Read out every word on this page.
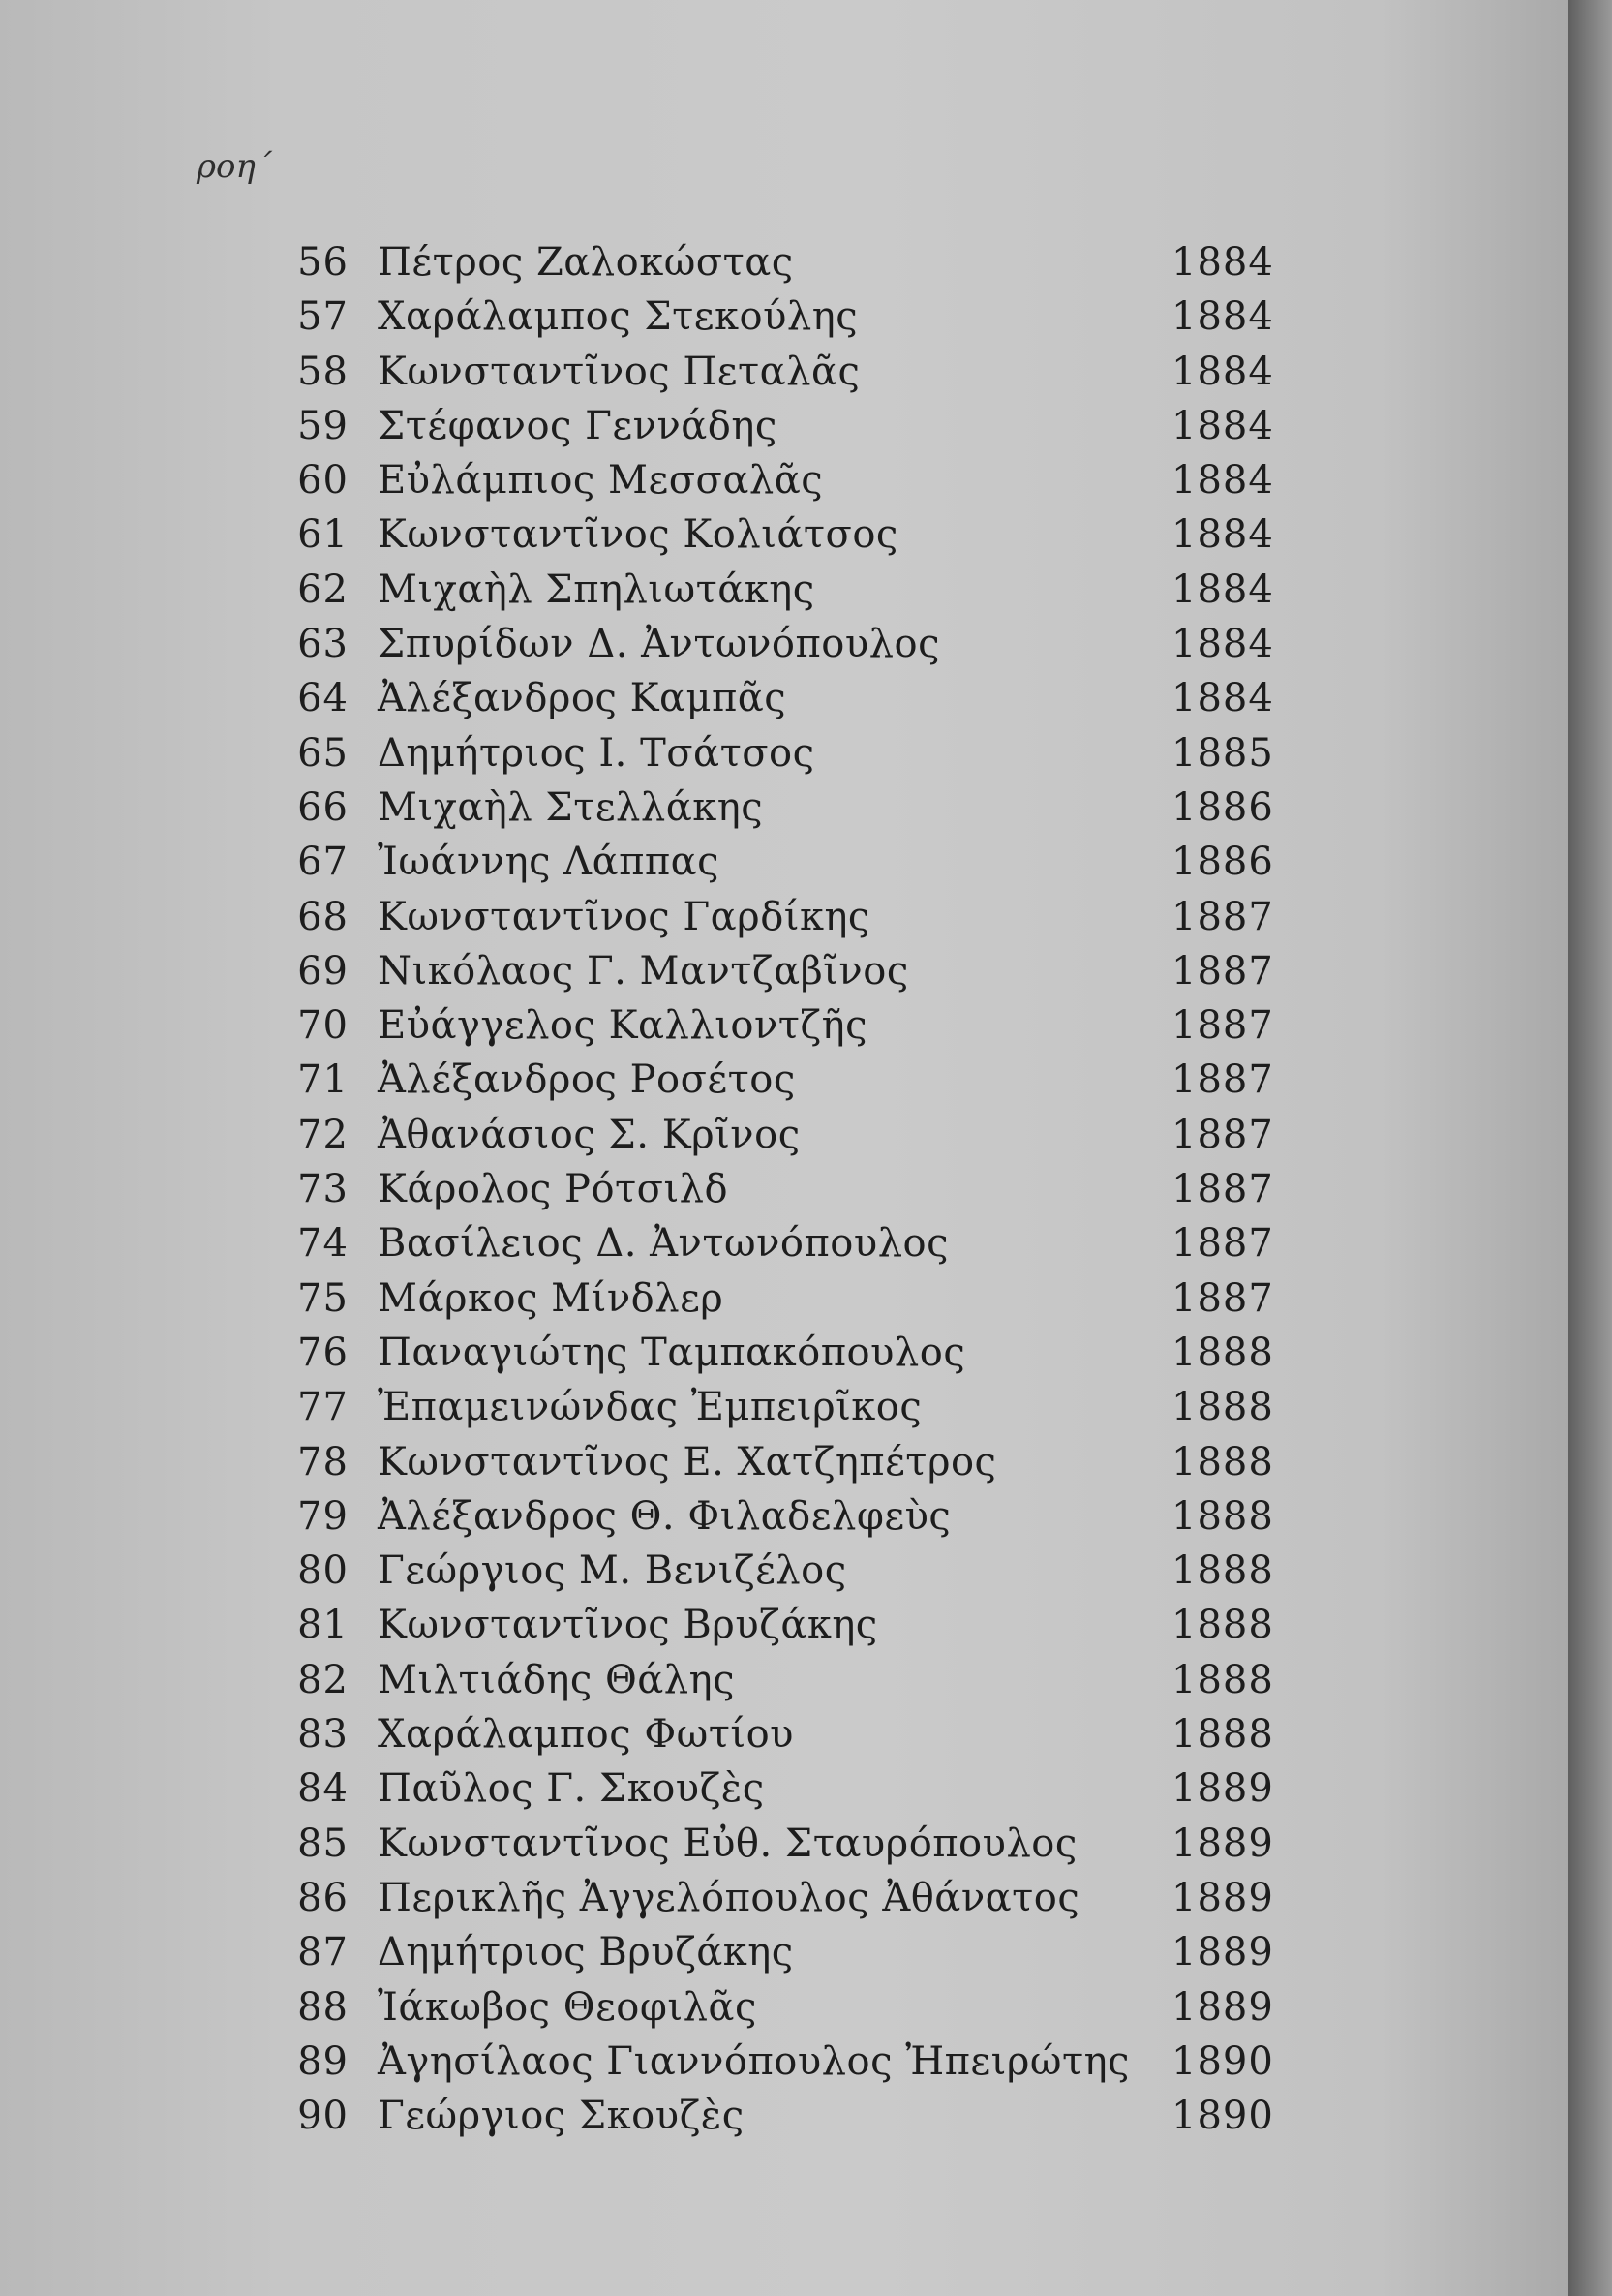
ροη´
56 Πέτρος Ζαλοκώστας	1884
57 Χαράλαμπος Στεκούλης	1884
58 Κωνσταντῖνος Πεταλᾶς	1884
59 Στέφανος Γεννάδης	1884
60 Εὐλάμπιος Μεσσαλᾶς	1884
61 Κωνσταντῖνος Κολιάτσος	1884
62 Μιχαὴλ Σπηλιωτάκης	1884
63 Σπυρίδων Δ. Ἀντωνόπουλος	1884
64 Ἀλέξανδρος Καμπᾶς	1884
65 Δημήτριος Ι. Τσάτσος	1885
66 Μιχαὴλ Στελλάκης	1886
67 Ἰωάννης Λάππας	1886
68 Κωνσταντῖνος Γαρδίκης	1887
69 Νικόλαος Γ. Μαντζαβῖνος	1887
70 Εὐάγγελος Καλλιοντζῆς	1887
71 Ἀλέξανδρος Ροσέτος	1887
72 Ἀθανάσιος Σ. Κρῖνος	1887
73 Κάρολος Ρότσιλδ	1887
74 Βασίλειος Δ. Ἀντωνόπουλος	1887
75 Μάρκος Μίνδλερ	1887
76 Παναγιώτης Ταμπακόπουλος	1888
77 Ἐπαμεινώνδας Ἐμπειρῖκος	1888
78 Κωνσταντῖνος Ε. Χατζηπέτρος	1888
79 Ἀλέξανδρος Θ. Φιλαδελφεὺς	1888
80 Γεώργιος Μ. Βενιζέλος	1888
81 Κωνσταντῖνος Βρυζάκης	1888
82 Μιλτιάδης Θάλης	1888
83 Χαράλαμπος Φωτίου	1888
84 Παῦλος Γ. Σκουζὲς	1889
85 Κωνσταντῖνος Εὐθ. Σταυρόπουλος 1889
86 Περικλῆς Ἀγγελόπουλος Ἀθάνατος 1889
87 Δημήτριος Βρυζάκης	1889
88 Ἰάκωβος Θεοφιλᾶς	1889
89 Ἀγησίλαος Γιαννόπουλος Ἠπειρώτης 1890
90 Γεώργιος Σκουζὲς	1890
